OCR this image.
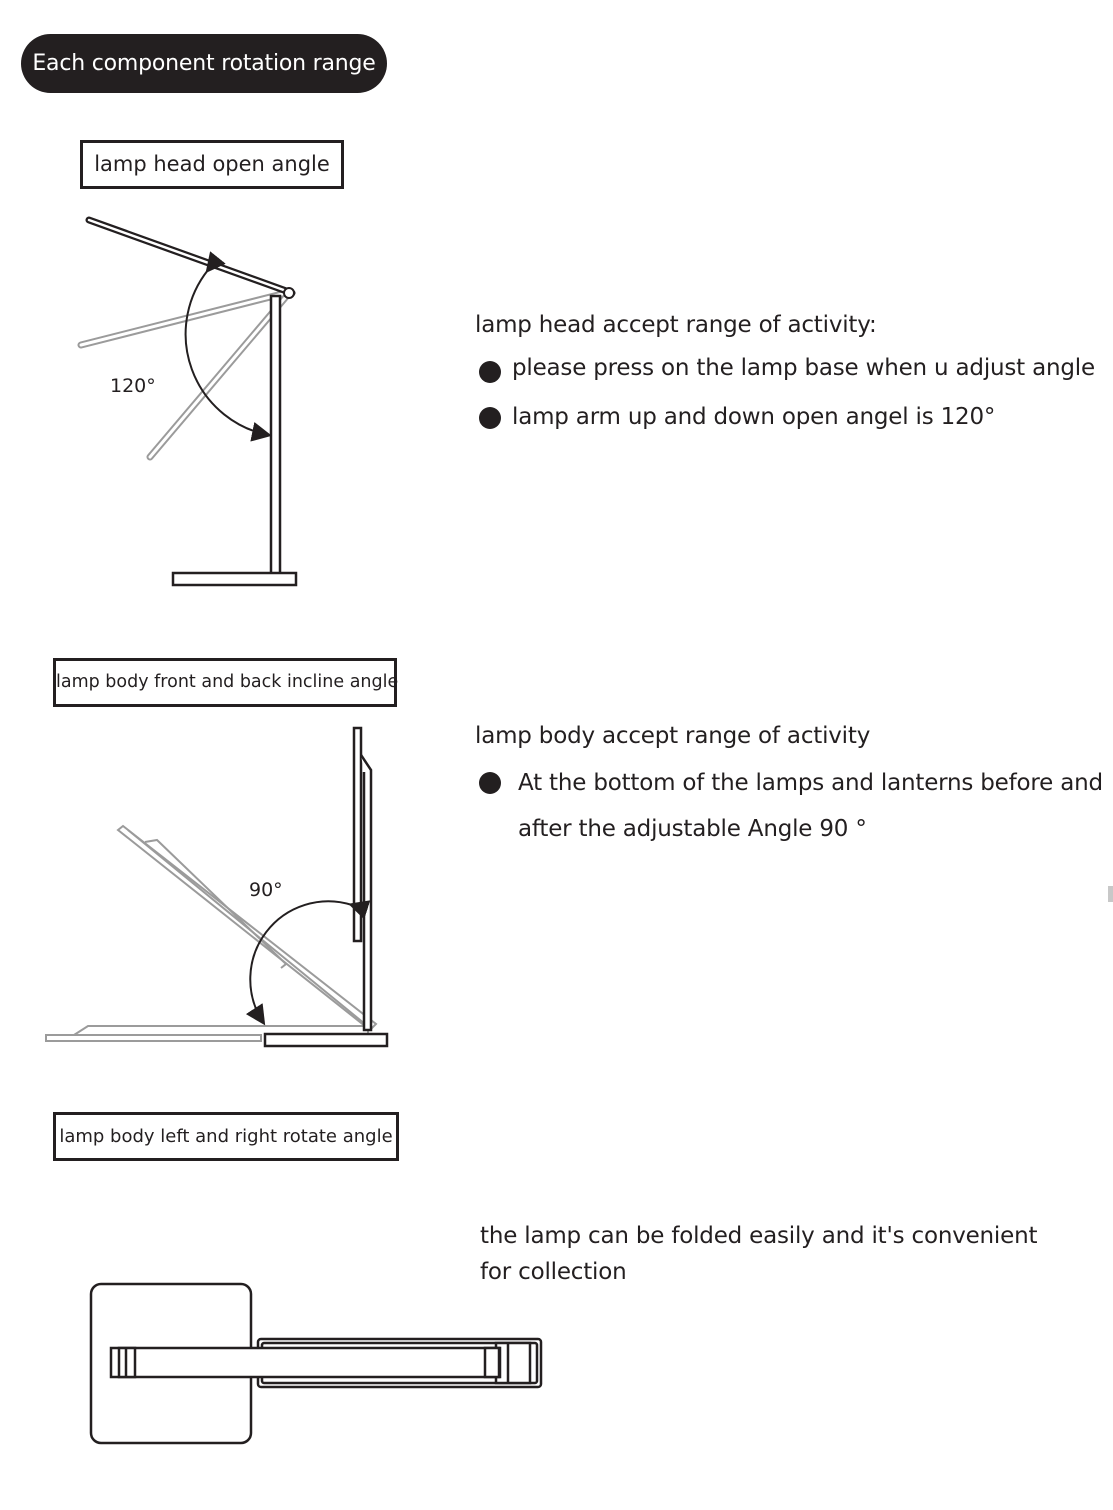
Each component rotation range
lamp head open angle
120°
lamp head accept range of activity:
please press on the lamp base when u adjust angle
lamp arm up and down open angel is 120°
lamp body front and back incline angle
90°
lamp body accept range of activity
At the bottom of the lamps and lanterns before and
after the adjustable Angle 90 °
lamp body left and right rotate angle
the lamp can be folded easily and it's convenient
for collection
